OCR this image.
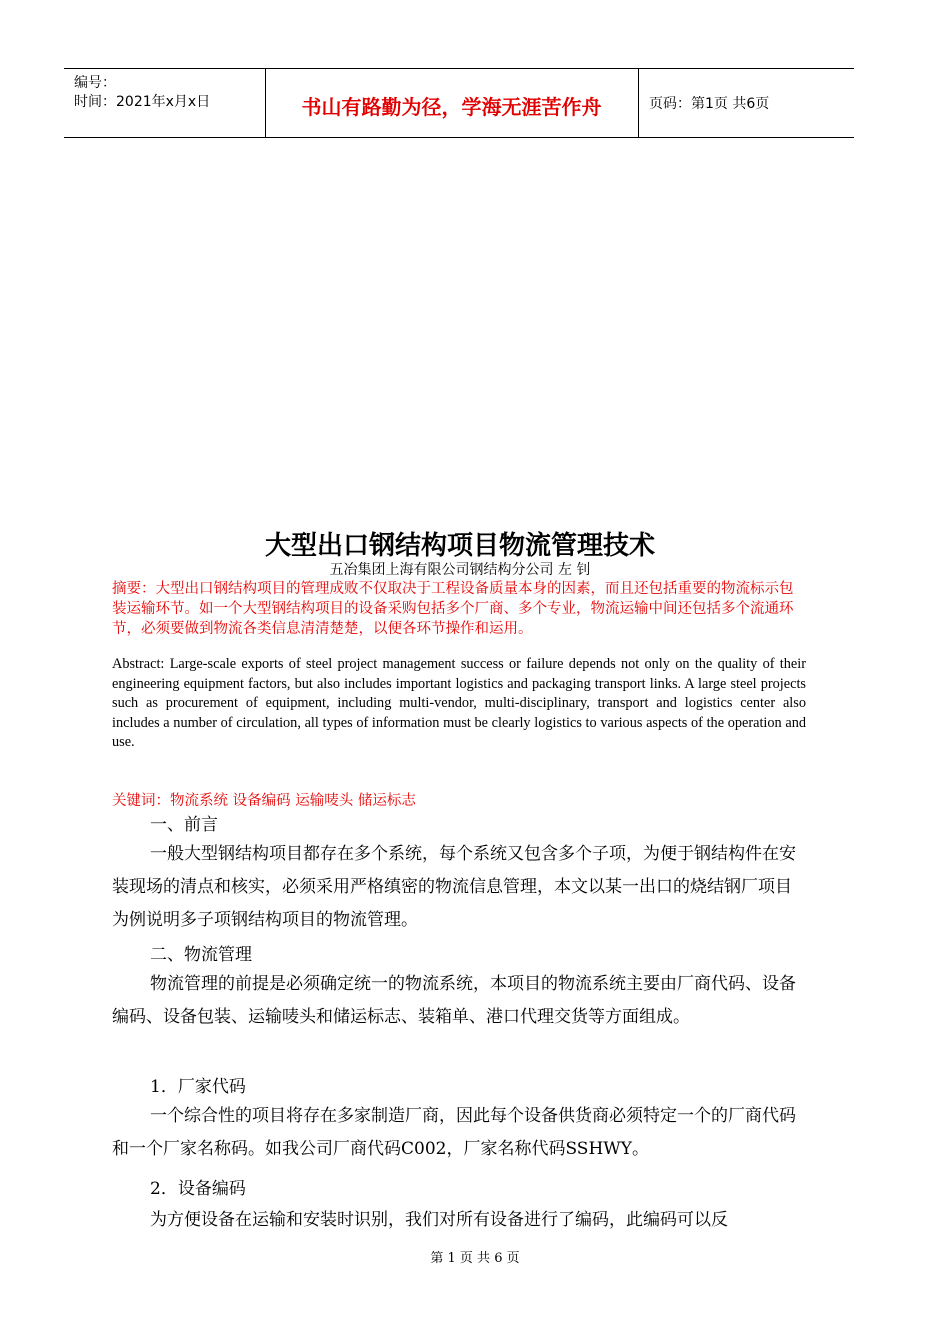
编号：
时间：2021年x月x日	书山有路勤为径，学海无涯苦作舟	页码：第1页 共6页
大型出口钢结构项目物流管理技术
五冶集团上海有限公司钢结构分公司 左 钊
摘要：大型出口钢结构项目的管理成败不仅取决于工程设备质量本身的因素，而且还包括重要的物流标示包装运输环节。如一个大型钢结构项目的设备采购包括多个厂商、多个专业，物流运输中间还包括多个流通环节，必须要做到物流各类信息清清楚楚，以便各环节操作和运用。
Abstract: Large-scale exports of steel project management success or failure depends not only on the quality of their engineering equipment factors, but also includes important logistics and packaging transport links. A large steel projects such as procurement of equipment, including multi-vendor, multi-disciplinary, transport and logistics center also includes a number of circulation, all types of information must be clearly logistics to various aspects of the operation and use.
关键词：物流系统 设备编码 运输唛头 储运标志
一、前言

一般大型钢结构项目都存在多个系统，每个系统又包含多个子项，为便于钢结构件在安装现场的清点和核实，必须采用严格缜密的物流信息管理，本文以某一出口的烧结钢厂项目为例说明多子项钢结构项目的物流管理。

二、物流管理

物流管理的前提是必须确定统一的物流系统，本项目的物流系统主要由厂商代码、设备编码、设备包装、运输唛头和储运标志、装箱单、港口代理交货等方面组成。

1．厂家代码

一个综合性的项目将存在多家制造厂商，因此每个设备供货商必须特定一个的厂商代码和一个厂家名称码。如我公司厂商代码C002，厂家名称代码SSHWY。

2．设备编码

为方便设备在运输和安装时识别，我们对所有设备进行了编码，此编码可以反

第 1 页 共 6 页
